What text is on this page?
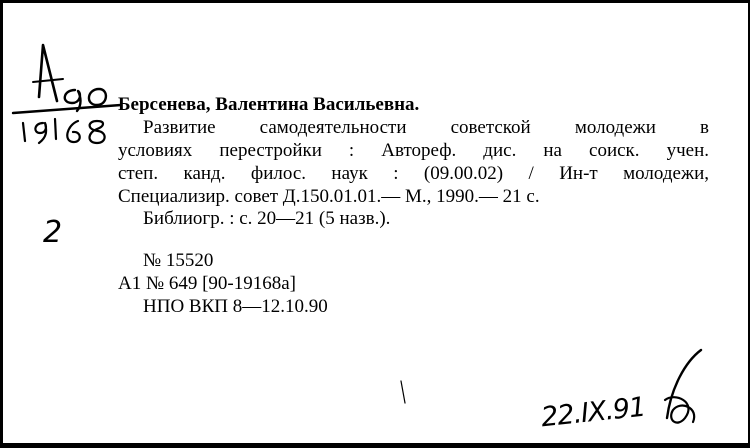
Берсенева, Валентина Васильевна.
Развитие самодеятельности советской молодежи в
условиях перестройки : Автореф. дис. на соиск. учен.
степ. канд. филос. наук : (09.00.02) / Ин-т молодежи,
Специализир. совет Д.150.01.01.— М., 1990.— 21 с.
Библиогр. : с. 20—21 (5 назв.).
2
№ 15520
А1 № 649 [90-19168а]
НПО ВКП 8—12.10.90
22.IX.91
